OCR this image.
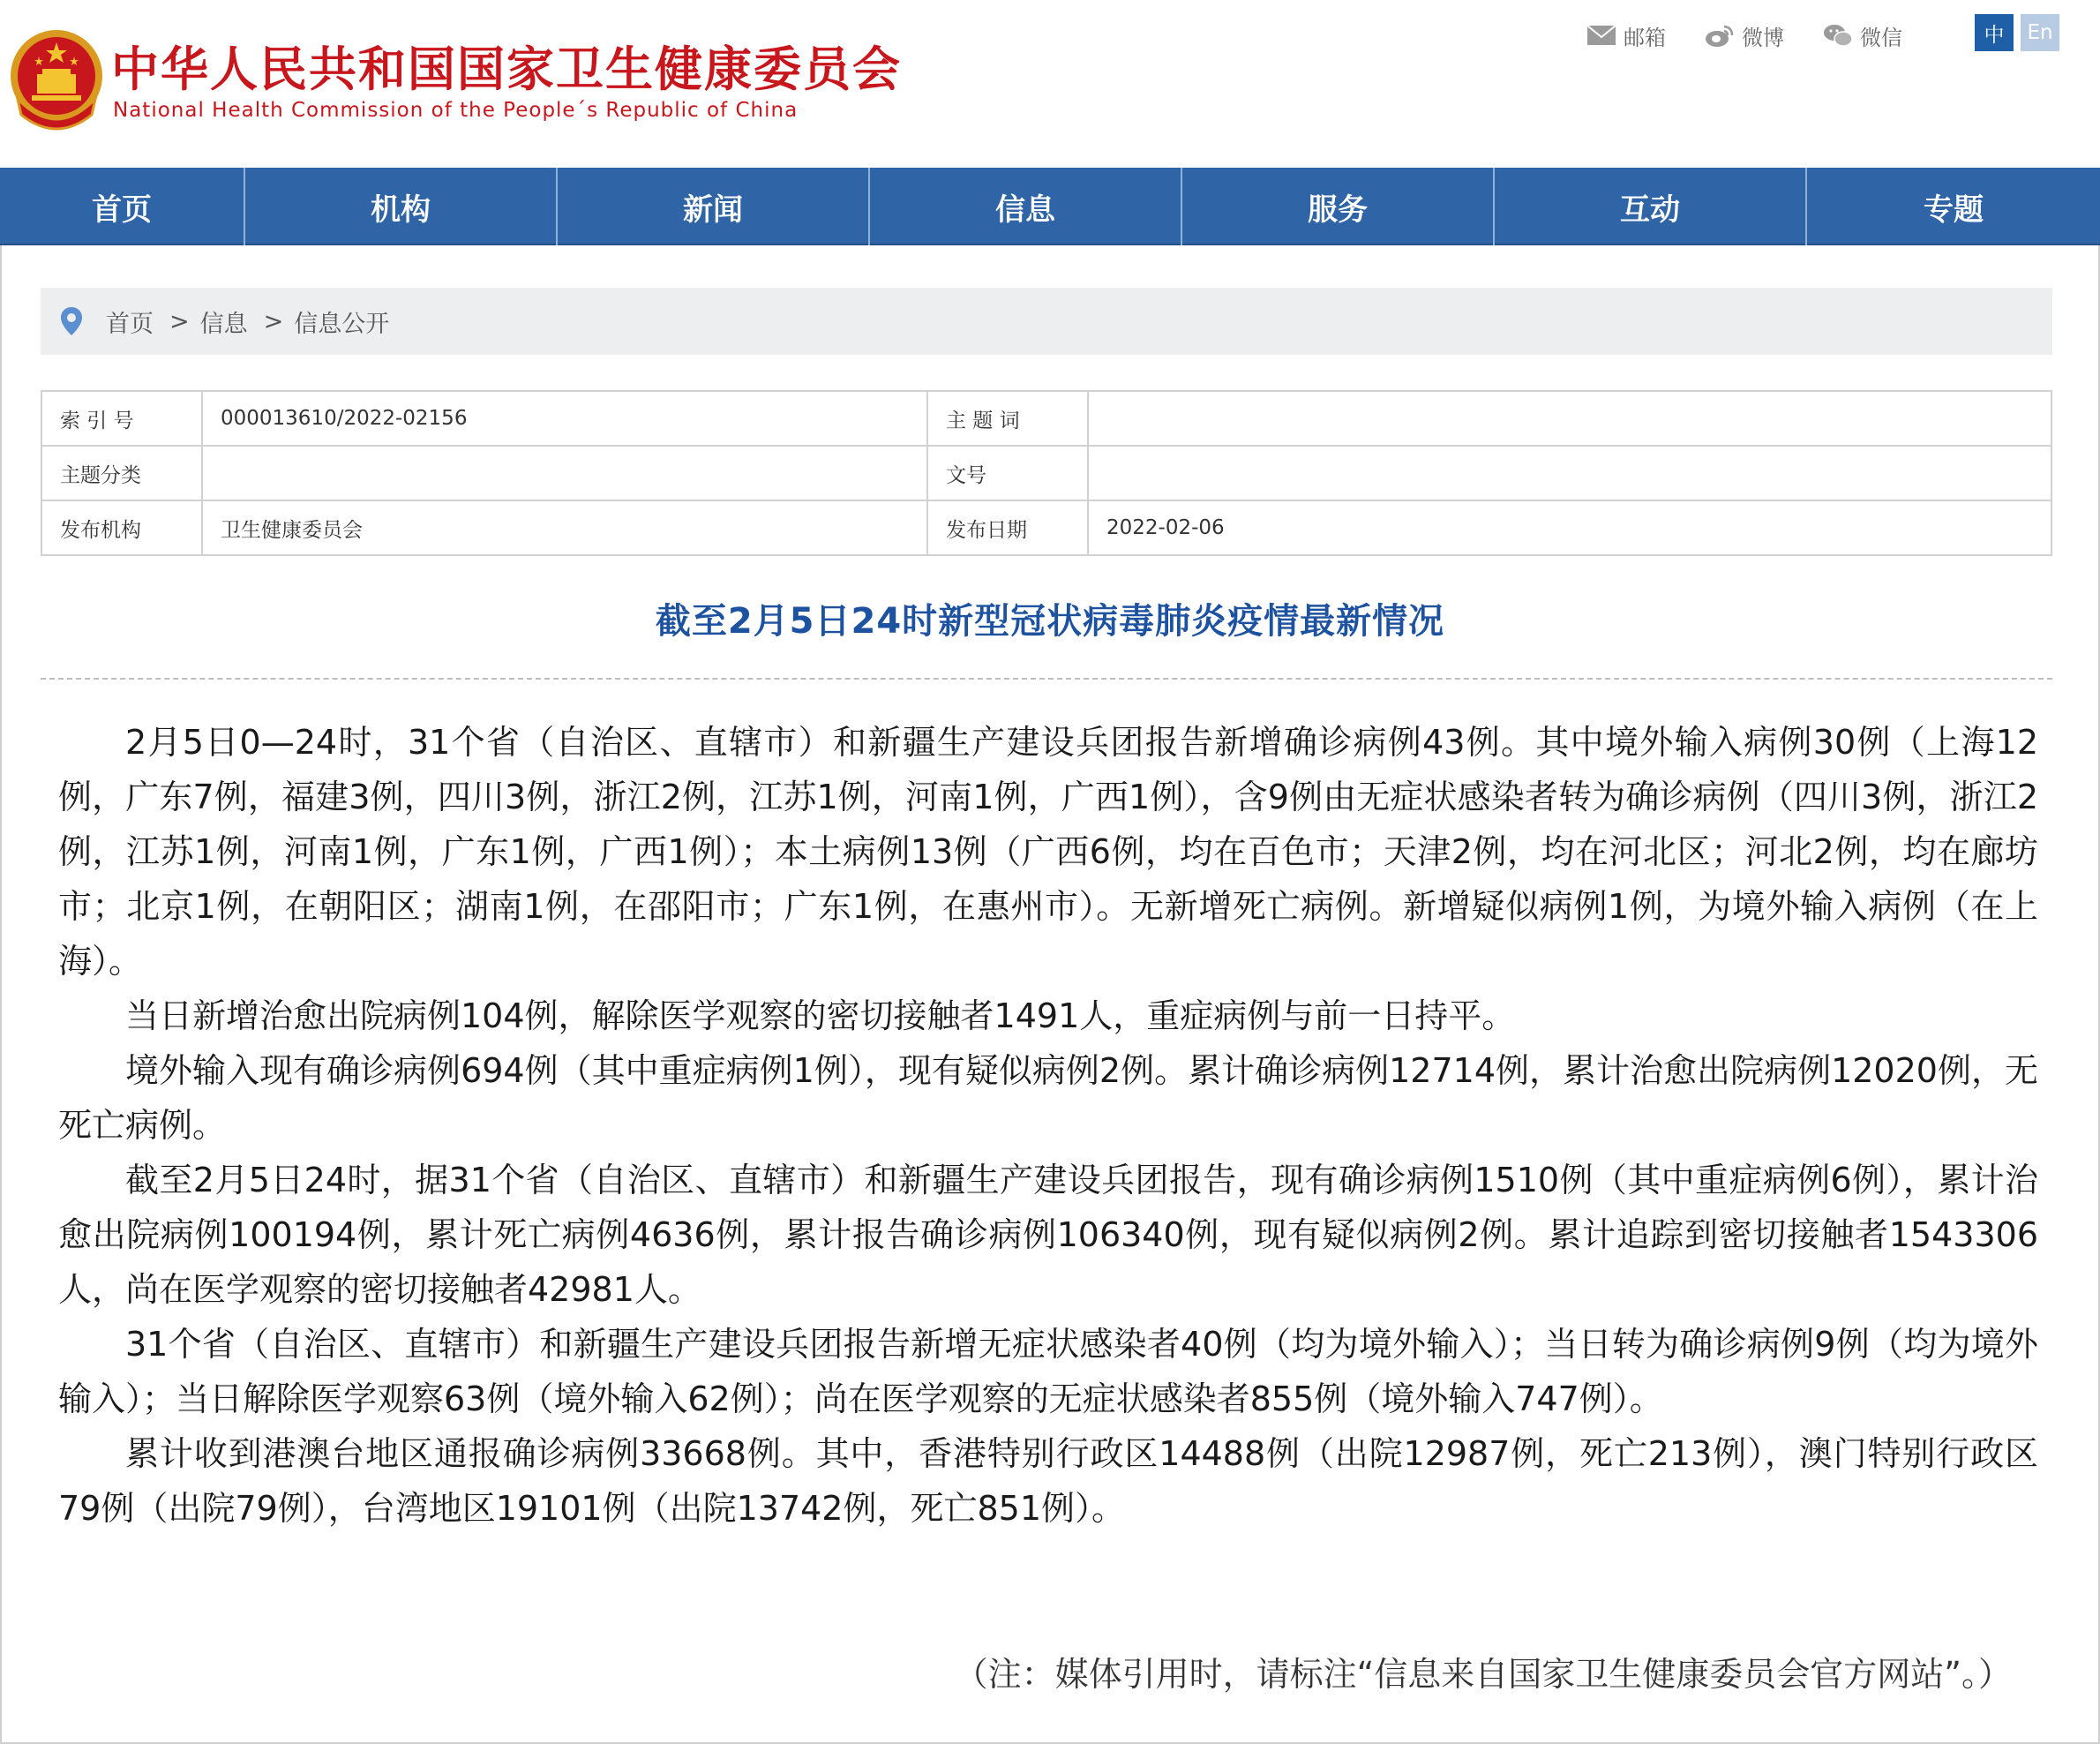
中华人民共和国国家卫生健康委员会
National Health Commission of the People´s Republic of China
邮箱	微博	微信	中	En
首页	机构	新闻	信息	服务	互动	专题
首页 > 信息 > 信息公开
索 引 号	000013610/2022-02156	主 题 词	
主题分类		文号	
发布机构	卫生健康委员会	发布日期	2022-02-06
截至2月5日24时新型冠状病毒肺炎疫情最新情况

2月5日0—24时，31个省（自治区、直辖市）和新疆生产建设兵团报告新增确诊病例43例。其中境外输入病例30例（上海12例，广东7例，福建3例，四川3例，浙江2例，江苏1例，河南1例，广西1例），含9例由无症状感染者转为确诊病例（四川3例，浙江2例，江苏1例，河南1例，广东1例，广西1例）；本土病例13例（广西6例，均在百色市；天津2例，均在河北区；河北2例，均在廊坊市；北京1例，在朝阳区；湖南1例，在邵阳市；广东1例，在惠州市）。无新增死亡病例。新增疑似病例1例，为境外输入病例（在上海）。

当日新增治愈出院病例104例，解除医学观察的密切接触者1491人，重症病例与前一日持平。

境外输入现有确诊病例694例（其中重症病例1例），现有疑似病例2例。累计确诊病例12714例，累计治愈出院病例12020例，无死亡病例。

截至2月5日24时，据31个省（自治区、直辖市）和新疆生产建设兵团报告，现有确诊病例1510例（其中重症病例6例），累计治愈出院病例100194例，累计死亡病例4636例，累计报告确诊病例106340例，现有疑似病例2例。累计追踪到密切接触者1543306人，尚在医学观察的密切接触者42981人。

31个省（自治区、直辖市）和新疆生产建设兵团报告新增无症状感染者40例（均为境外输入）；当日转为确诊病例9例（均为境外输入）；当日解除医学观察63例（境外输入62例）；尚在医学观察的无症状感染者855例（境外输入747例）。

累计收到港澳台地区通报确诊病例33668例。其中，香港特别行政区14488例（出院12987例，死亡213例），澳门特别行政区79例（出院79例），台湾地区19101例（出院13742例，死亡851例）。

（注：媒体引用时，请标注“信息来自国家卫生健康委员会官方网站”。）
